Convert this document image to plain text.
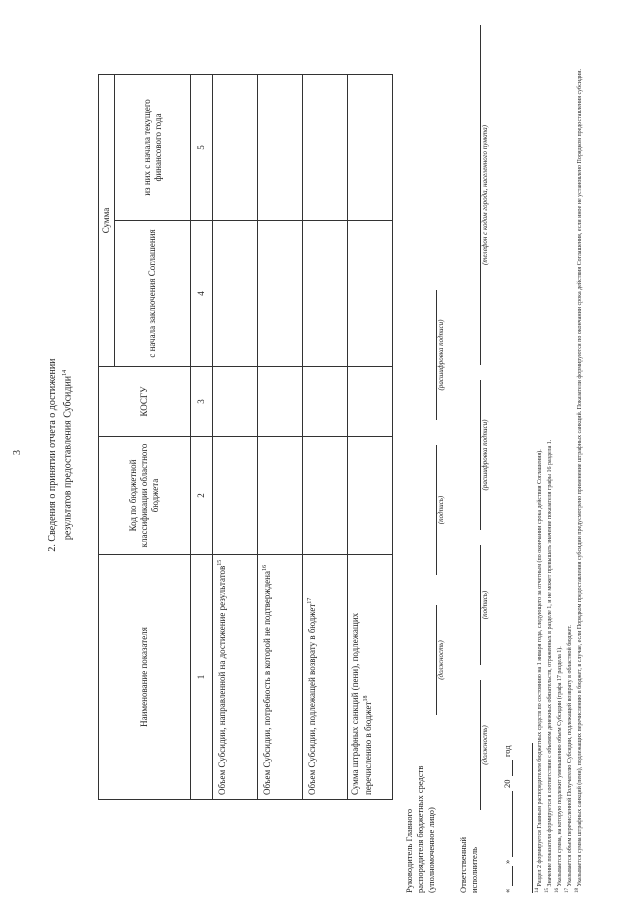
3 2. Сведения о принятии отчета о достижении результатов предоставления Субсидии$^{14}$
Наименование показателя	Код по бюджетной классификации областного бюджета	КОСГУ	Сумма	
			с начала заключения Соглашения	из них с начала текущего финансового года
1	2	3	4	5
Объем Субсидии, направленной на достижение результатов$^{15}$				
Объем Субсидии, потребность в которой не подтверждена$^{16}$				
Объем Субсидии, подлежащей возврату в бюджет$^{17}$				
Сумма штрафных санкций (пени), подлежащих перечислению в бюджет$^{18}$				
Руководитель Главного распорядителя бюджетных средств (уполномоченное лицо)
(должность)
(подпись)
(расшифровка подписи)
Ответственный исполнитель
(должность)
(подпись)
(расшифровка подписи)
(телефон с кодом города, населенного пункта)
«
»
20
год
$^{14}$ Раздел 2 формируется Главным распорядителем бюджетных средств по состоянию на 1 января года, следующего за отчетным (по окончании срока действия Соглашения).
$^{15}$ Значение показателя формируется в соответствии с объемом денежных обязательств, отраженных в разделе 1, и не может превышать значение показателя графы 16 раздела 1.
$^{16}$ Указывается сумма, на которую подлежит уменьшению объем Субсидии (графа 17 раздела 1).
$^{17}$ Указывается объем перечисленной Получателю Субсидии, подлежащей возврату в областной бюджет.
$^{18}$ Указывается сумма штрафных санкций (пени), подлежащих перечислению в бюджет, в случае, если Порядком предоставления субсидии предусмотрено применение штрафных санкций. Показатели формируются по окончании срока действия Соглашения, если иное не установлено Порядком предоставления субсидии.
